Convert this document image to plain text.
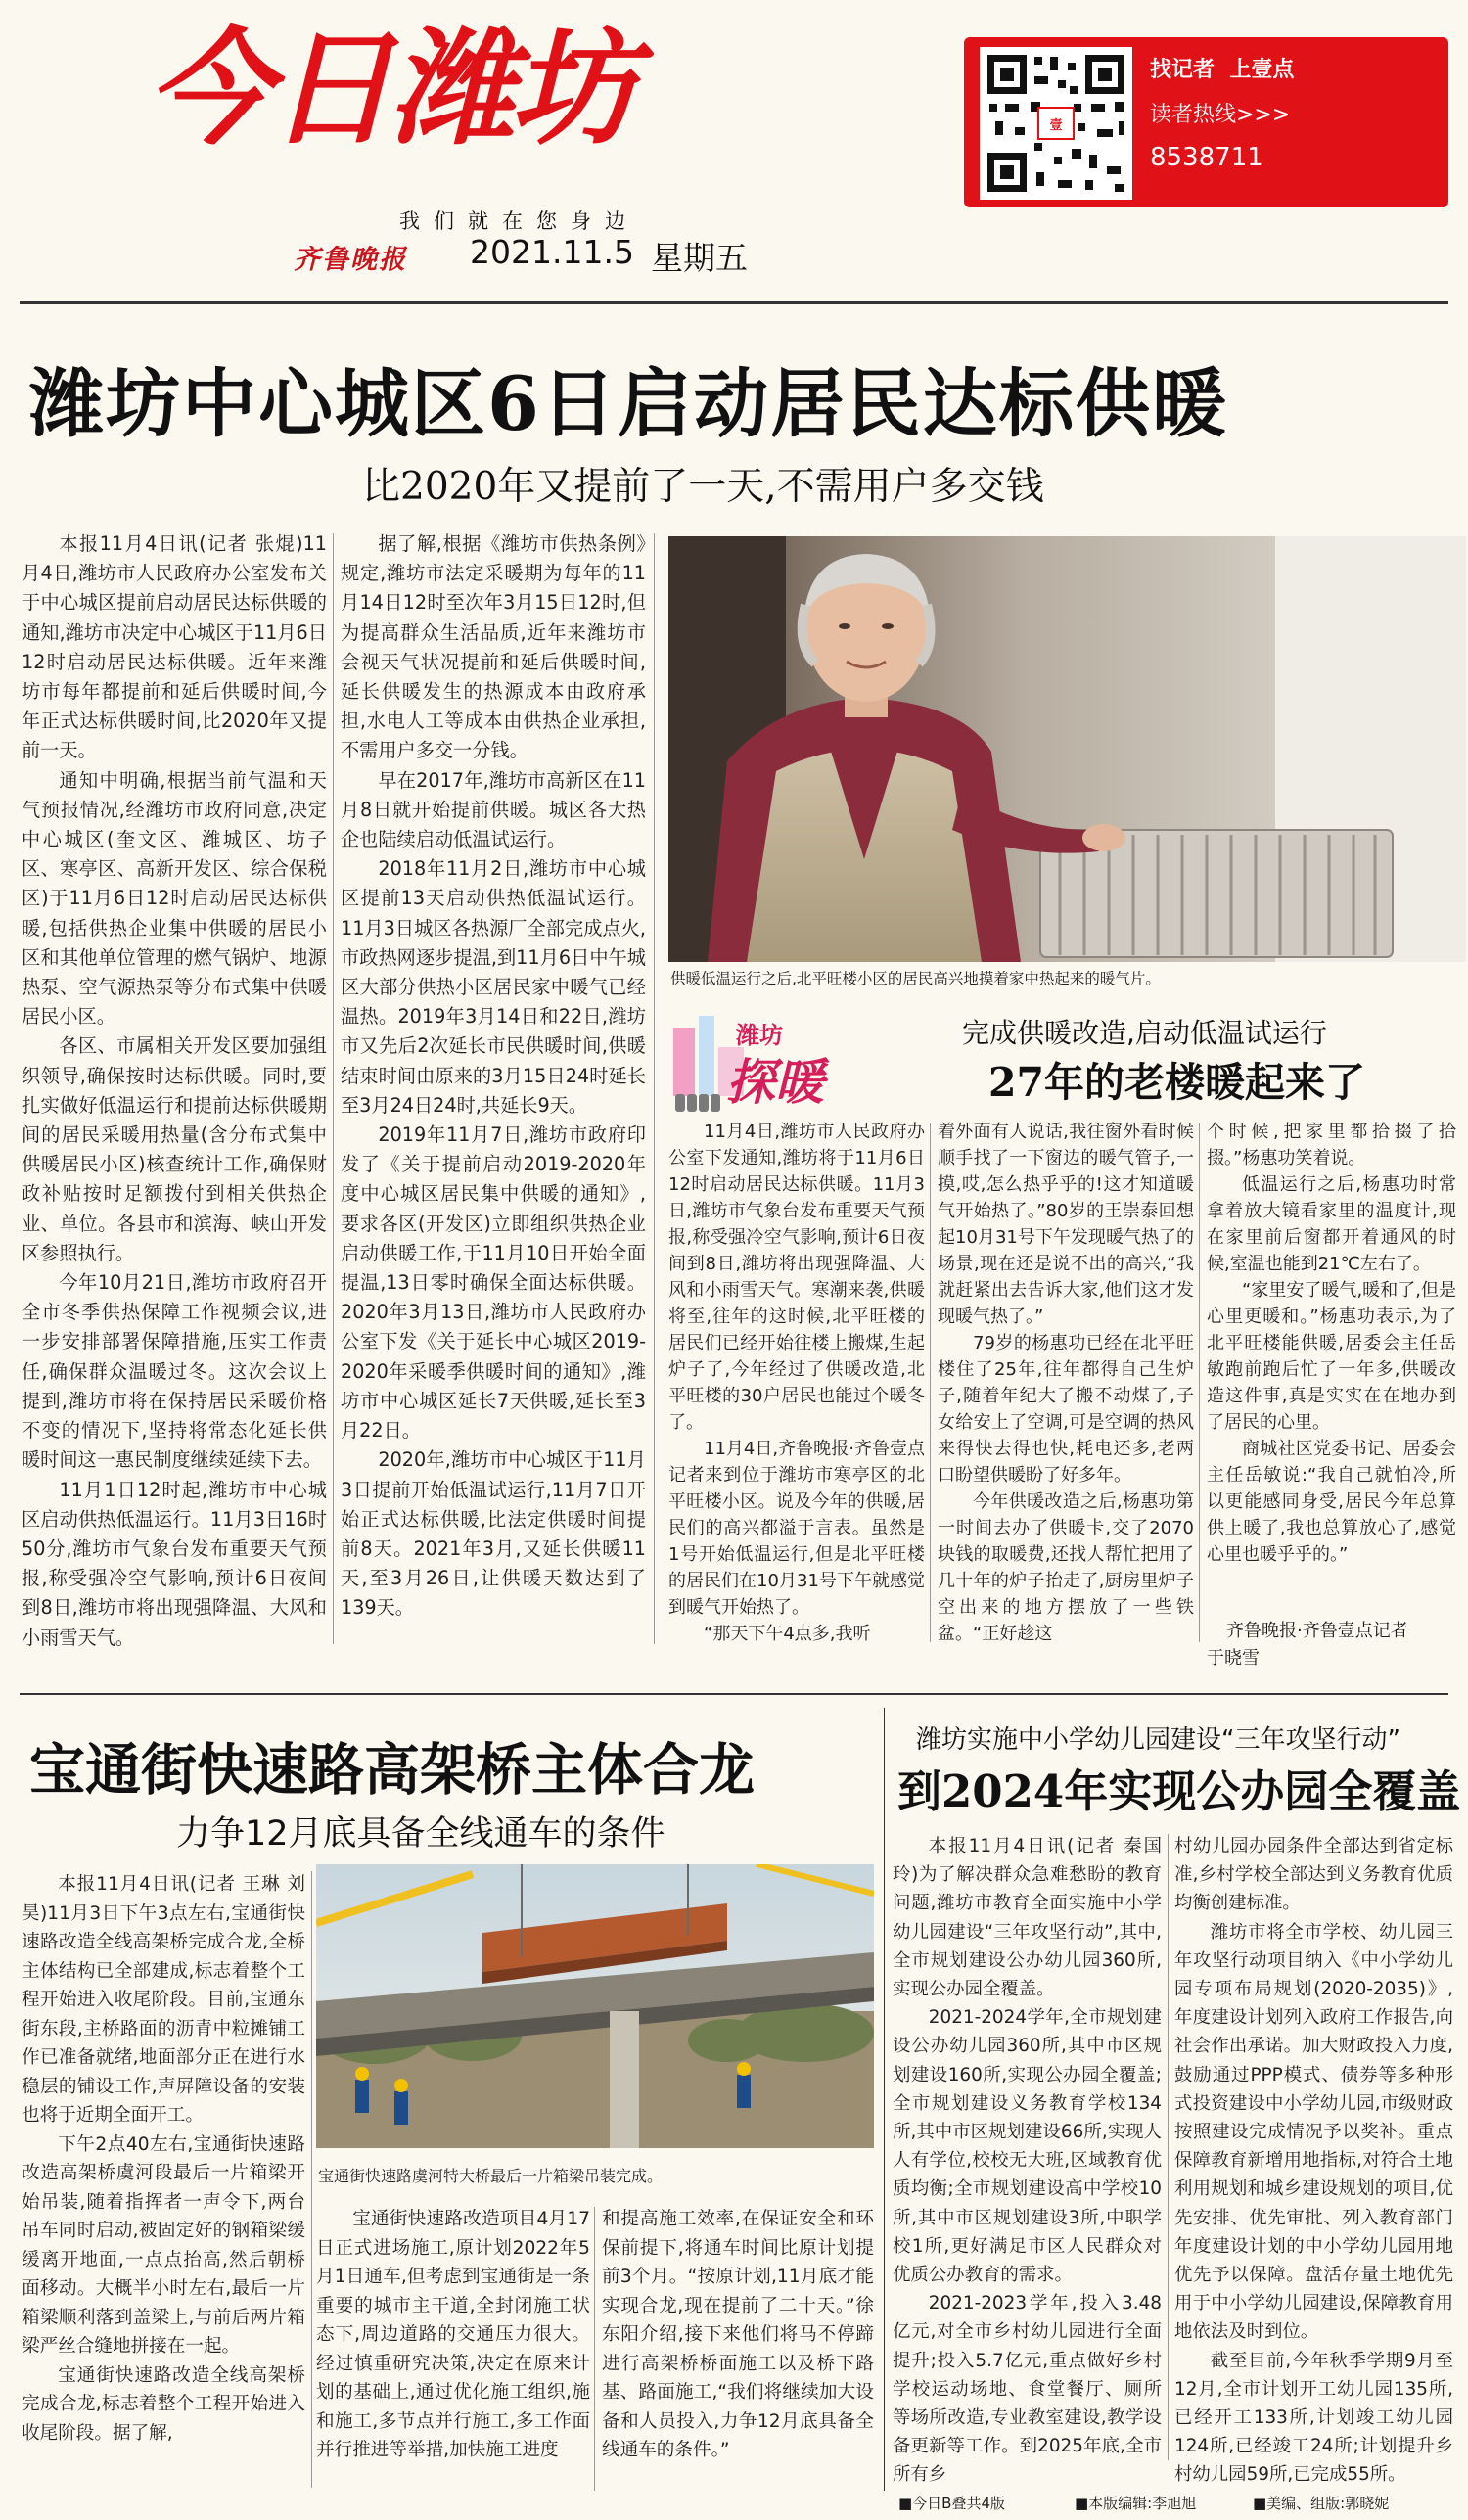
今日潍坊
我们就在您身边
齐鲁晚报 2021.11.5 星期五
壹
找记者  上壹点
读者热线>>>
8538711
潍坊中心城区6日启动居民达标供暖
比2020年又提前了一天,不需用户多交钱

本报11月4日讯(记者 张焜)11月4日,潍坊市人民政府办公室发布关于中心城区提前启动居民达标供暖的通知,潍坊市决定中心城区于11月6日12时启动居民达标供暖。近年来潍坊市每年都提前和延后供暖时间,今年正式达标供暖时间,比2020年又提前一天。

通知中明确,根据当前气温和天气预报情况,经潍坊市政府同意,决定中心城区(奎文区、潍城区、坊子区、寒亭区、高新开发区、综合保税区)于11月6日12时启动居民达标供暖,包括供热企业集中供暖的居民小区和其他单位管理的燃气锅炉、地源热泵、空气源热泵等分布式集中供暖居民小区。

各区、市属相关开发区要加强组织领导,确保按时达标供暖。同时,要扎实做好低温运行和提前达标供暖期间的居民采暖用热量(含分布式集中供暖居民小区)核查统计工作,确保财政补贴按时足额拨付到相关供热企业、单位。各县市和滨海、峡山开发区参照执行。

今年10月21日,潍坊市政府召开全市冬季供热保障工作视频会议,进一步安排部署保障措施,压实工作责任,确保群众温暖过冬。这次会议上提到,潍坊市将在保持居民采暖价格不变的情况下,坚持将常态化延长供暖时间这一惠民制度继续延续下去。

11月1日12时起,潍坊市中心城区启动供热低温运行。11月3日16时50分,潍坊市气象台发布重要天气预报,称受强冷空气影响,预计6日夜间到8日,潍坊市将出现强降温、大风和小雨雪天气。

据了解,根据《潍坊市供热条例》规定,潍坊市法定采暖期为每年的11月14日12时至次年3月15日12时,但为提高群众生活品质,近年来潍坊市会视天气状况提前和延后供暖时间,延长供暖发生的热源成本由政府承担,水电人工等成本由供热企业承担,不需用户多交一分钱。

早在2017年,潍坊市高新区在11月8日就开始提前供暖。城区各大热企也陆续启动低温试运行。

2018年11月2日,潍坊市中心城区提前13天启动供热低温试运行。11月3日城区各热源厂全部完成点火,市政热网逐步提温,到11月6日中午城区大部分供热小区居民家中暖气已经温热。2019年3月14日和22日,潍坊市又先后2次延长市民供暖时间,供暖结束时间由原来的3月15日24时延长至3月24日24时,共延长9天。

2019年11月7日,潍坊市政府印发了《关于提前启动2019-2020年度中心城区居民集中供暖的通知》,要求各区(开发区)立即组织供热企业启动供暖工作,于11月10日开始全面提温,13日零时确保全面达标供暖。2020年3月13日,潍坊市人民政府办公室下发《关于延长中心城区2019-2020年采暖季供暖时间的通知》,潍坊市中心城区延长7天供暖,延长至3月22日。

2020年,潍坊市中心城区于11月3日提前开始低温试运行,11月7日开始正式达标供暖,比法定供暖时间提前8天。2021年3月,又延长供暖11天,至3月26日,让供暖天数达到了139天。

供暖低温运行之后,北平旺楼小区的居民高兴地摸着家中热起来的暖气片。
潍坊
探暖
完成供暖改造,启动低温试运行
27年的老楼暖起来了

11月4日,潍坊市人民政府办公室下发通知,潍坊将于11月6日12时启动居民达标供暖。11月3日,潍坊市气象台发布重要天气预报,称受强冷空气影响,预计6日夜间到8日,潍坊将出现强降温、大风和小雨雪天气。寒潮来袭,供暖将至,往年的这时候,北平旺楼的居民们已经开始往楼上搬煤,生起炉子了,今年经过了供暖改造,北平旺楼的30户居民也能过个暖冬了。

11月4日,齐鲁晚报·齐鲁壹点记者来到位于潍坊市寒亭区的北平旺楼小区。说及今年的供暖,居民们的高兴都溢于言表。虽然是1号开始低温运行,但是北平旺楼的居民们在10月31号下午就感觉到暖气开始热了。

“那天下午4点多,我听

着外面有人说话,我往窗外看时候顺手找了一下窗边的暖气管子,一摸,哎,怎么热乎乎的!这才知道暖气开始热了。”80岁的王崇泰回想起10月31号下午发现暖气热了的场景,现在还是说不出的高兴,“我就赶紧出去告诉大家,他们这才发现暖气热了。”

79岁的杨惠功已经在北平旺楼住了25年,往年都得自己生炉子,随着年纪大了搬不动煤了,子女给安上了空调,可是空调的热风来得快去得也快,耗电还多,老两口盼望供暖盼了好多年。

今年供暖改造之后,杨惠功第一时间去办了供暖卡,交了2070块钱的取暖费,还找人帮忙把用了几十年的炉子抬走了,厨房里炉子空出来的地方摆放了一些铁盆。“正好趁这

个时候,把家里都拾掇了拾掇。”杨惠功笑着说。

低温运行之后,杨惠功时常拿着放大镜看家里的温度计,现在家里前后窗都开着通风的时候,室温也能到21℃左右了。

“家里安了暖气,暖和了,但是心里更暖和。”杨惠功表示,为了北平旺楼能供暖,居委会主任岳敏跑前跑后忙了一年多,供暖改造这件事,真是实实在在地办到了居民的心里。

商城社区党委书记、居委会主任岳敏说:“我自己就怕冷,所以更能感同身受,居民今年总算供上暖了,我也总算放心了,感觉心里也暖乎乎的。”

齐鲁晚报·齐鲁壹点记者
于晓雪
宝通街快速路高架桥主体合龙
力争12月底具备全线通车的条件

本报11月4日讯(记者 王琳 刘昊)11月3日下午3点左右,宝通街快速路改造全线高架桥完成合龙,全桥主体结构已全部建成,标志着整个工程开始进入收尾阶段。目前,宝通东街东段,主桥路面的沥青中粒摊铺工作已准备就绪,地面部分正在进行水稳层的铺设工作,声屏障设备的安装也将于近期全面开工。

下午2点40左右,宝通街快速路改造高架桥虞河段最后一片箱梁开始吊装,随着指挥者一声令下,两台吊车同时启动,被固定好的钢箱梁缓缓离开地面,一点点抬高,然后朝桥面移动。大概半小时左右,最后一片箱梁顺利落到盖梁上,与前后两片箱梁严丝合缝地拼接在一起。

宝通街快速路改造全线高架桥完成合龙,标志着整个工程开始进入收尾阶段。据了解,

宝通街快速路虞河特大桥最后一片箱梁吊装完成。

宝通街快速路改造项目4月17日正式进场施工,原计划2022年5月1日通车,但考虑到宝通街是一条重要的城市主干道,全封闭施工状态下,周边道路的交通压力很大。经过慎重研究决策,决定在原来计划的基础上,通过优化施工组织,施和施工,多节点并行施工,多工作面并行推进等举措,加快施工进度

和提高施工效率,在保证安全和环保前提下,将通车时间比原计划提前3个月。“按原计划,11月底才能实现合龙,现在提前了二十天。”徐东阳介绍,接下来他们将马不停蹄进行高架桥桥面施工以及桥下路基、路面施工,“我们将继续加大设备和人员投入,力争12月底具备全线通车的条件。”

潍坊实施中小学幼儿园建设“三年攻坚行动”
到2024年实现公办园全覆盖

本报11月4日讯(记者 秦国玲)为了解决群众急难愁盼的教育问题,潍坊市教育全面实施中小学幼儿园建设“三年攻坚行动”,其中,全市规划建设公办幼儿园360所,实现公办园全覆盖。

2021-2024学年,全市规划建设公办幼儿园360所,其中市区规划建设160所,实现公办园全覆盖;全市规划建设义务教育学校134所,其中市区规划建设66所,实现人人有学位,校校无大班,区域教育优质均衡;全市规划建设高中学校10所,其中市区规划建设3所,中职学校1所,更好满足市区人民群众对优质公办教育的需求。

2021-2023学年,投入3.48亿元,对全市乡村幼儿园进行全面提升;投入5.7亿元,重点做好乡村学校运动场地、食堂餐厅、厕所等场所改造,专业教室建设,教学设备更新等工作。到2025年底,全市所有乡

村幼儿园办园条件全部达到省定标准,乡村学校全部达到义务教育优质均衡创建标准。

潍坊市将全市学校、幼儿园三年攻坚行动项目纳入《中小学幼儿园专项布局规划(2020-2035)》,年度建设计划列入政府工作报告,向社会作出承诺。加大财政投入力度,鼓励通过PPP模式、债券等多种形式投资建设中小学幼儿园,市级财政按照建设完成情况予以奖补。重点保障教育新增用地指标,对符合土地利用规划和城乡建设规划的项目,优先安排、优先审批、列入教育部门年度建设计划的中小学幼儿园用地优先予以保障。盘活存量土地优先用于中小学幼儿园建设,保障教育用地依法及时到位。

截至目前,今年秋季学期9月至12月,全市计划开工幼儿园135所,已经开工133所,计划竣工幼儿园124所,已经竣工24所;计划提升乡村幼儿园59所,已完成55所。

■今日B叠共4版	■本版编辑:李旭旭	■美编、组版:郭晓妮
